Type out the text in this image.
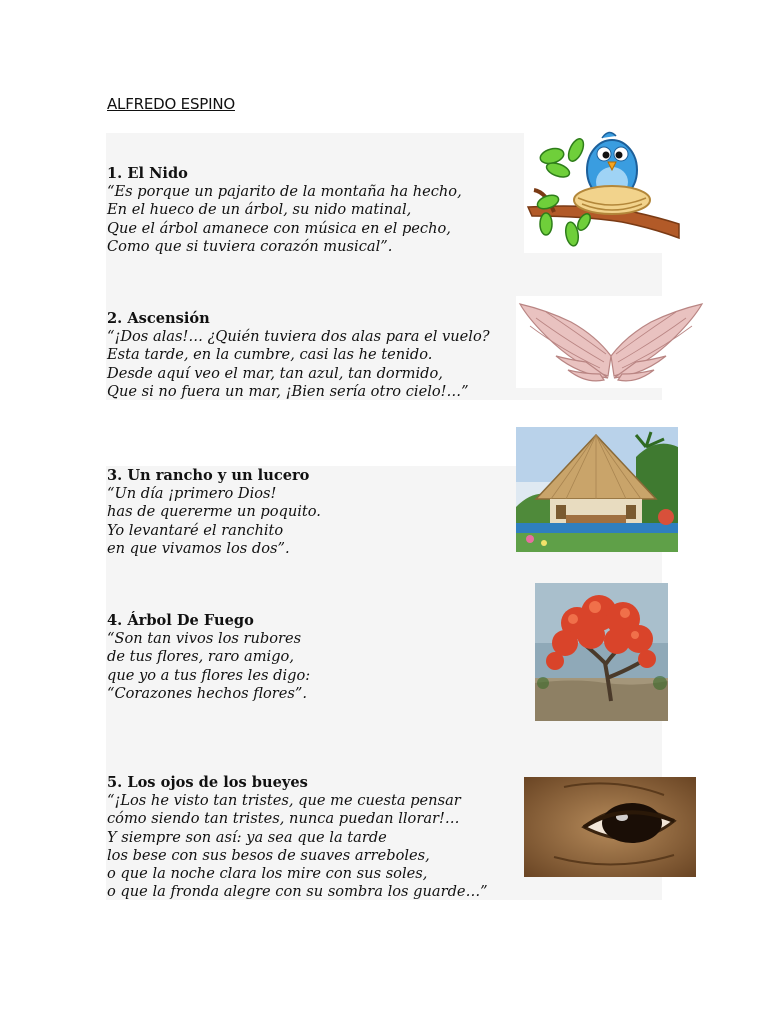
ALFREDO ESPINO
1. El Nido
“Es porque un pajarito de la montaña ha hecho,
En el hueco de un árbol, su nido matinal,
Que el árbol amanece con música en el pecho,
Como que si tuviera corazón musical”.
2. Ascensión
“¡Dos alas!… ¿Quién tuviera dos alas para el vuelo?
Esta tarde, en la cumbre, casi las he tenido.
Desde aquí veo el mar, tan azul, tan dormido,
Que si no fuera un mar, ¡Bien sería otro cielo!…”
3. Un rancho y un lucero
“Un día ¡primero Dios!
has de quererme un poquito.
Yo levantaré el ranchito
en que vivamos los dos”.
4. Árbol De Fuego
“Son tan vivos los rubores
de tus flores, raro amigo,
que yo a tus flores les digo:
“Corazones hechos flores”.
5. Los ojos de los bueyes
“¡Los he visto tan tristes, que me cuesta pensar
cómo siendo tan tristes, nunca puedan llorar!…
Y siempre son así: ya sea que la tarde
los bese con sus besos de suaves arreboles,
o que la noche clara los mire con sus soles,
o que la fronda alegre con su sombra los guarde…”
